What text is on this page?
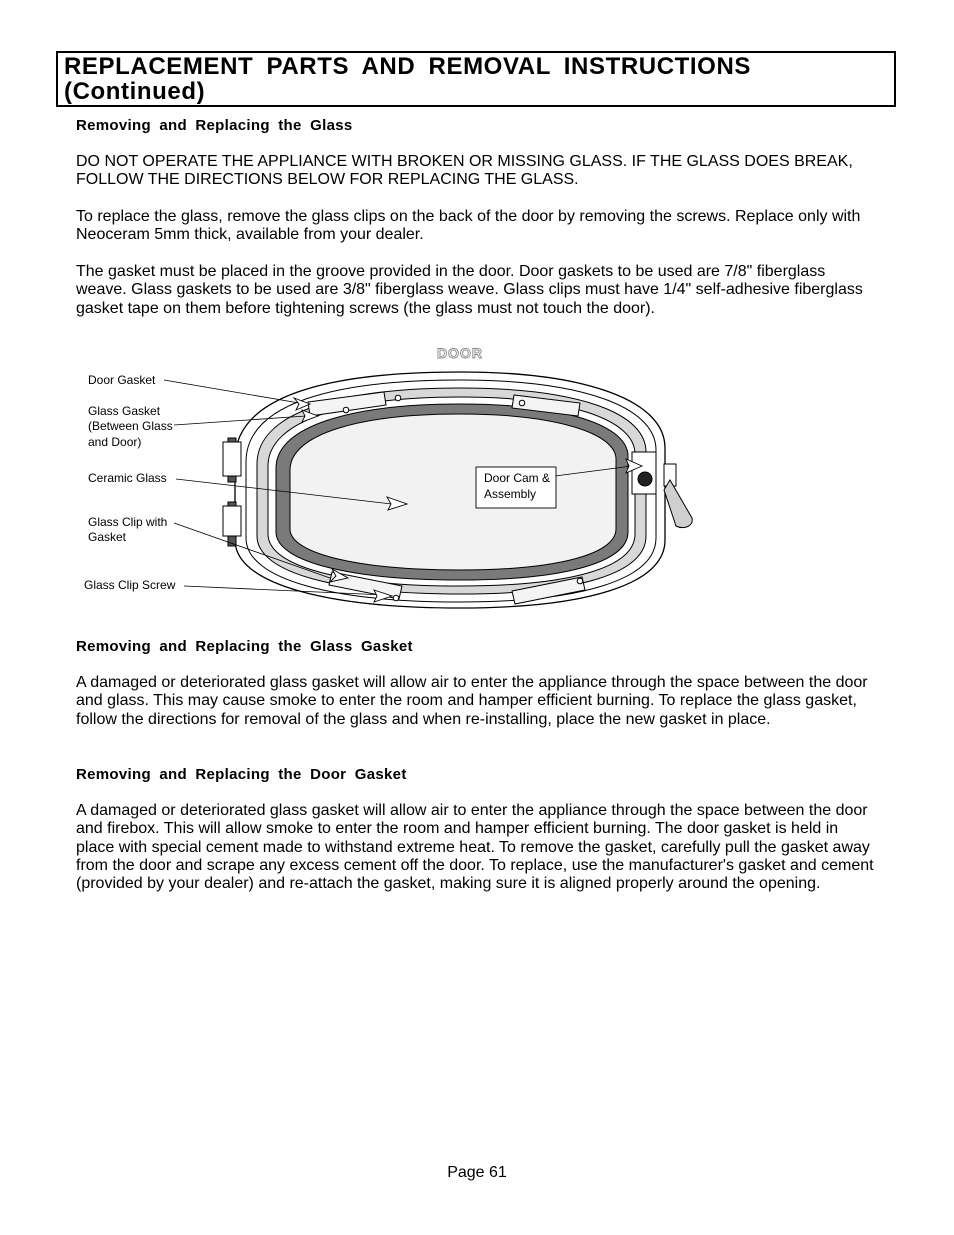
REPLACEMENT PARTS AND REMOVAL INSTRUCTIONS
(Continued)
Removing and Replacing the Glass

DO NOT OPERATE THE APPLIANCE WITH BROKEN OR MISSING GLASS. IF THE GLASS DOES BREAK, FOLLOW THE DIRECTIONS BELOW FOR REPLACING THE GLASS.

To replace the glass, remove the glass clips on the back of the door by removing the screws. Replace only with Neoceram 5mm thick, available from your dealer.

The gasket must be placed in the groove provided in the door. Door gaskets to be used are 7/8" fiberglass weave. Glass gaskets to be used are 3/8" fiberglass weave. Glass clips must have 1/4" self-adhesive fiberglass gasket tape on them before tightening screws (the glass must not touch the door).

DOOR
Door Gasket
Glass Gasket
(Between Glass
and Door)
Ceramic Glass
Glass Clip with
Gasket
Glass Clip Screw
Door Cam &
Assembly
Removing and Replacing the Glass Gasket

A damaged or deteriorated glass gasket will allow air to enter the appliance through the space between the door and glass. This may cause smoke to enter the room and hamper efficient burning. To replace the glass gasket, follow the directions for removal of the glass and when re-installing, place the new gasket in place.

Removing and Replacing the Door Gasket

A damaged or deteriorated glass gasket will allow air to enter the appliance through the space between the door and firebox. This will allow smoke to enter the room and hamper efficient burning. The door gasket is held in place with special cement made to withstand extreme heat. To remove the gasket, carefully pull the gasket away from the door and scrape any excess cement off the door. To replace, use the manufacturer's gasket and cement (provided by your dealer) and re-attach the gasket, making sure it is aligned properly around the opening.

Page 61
